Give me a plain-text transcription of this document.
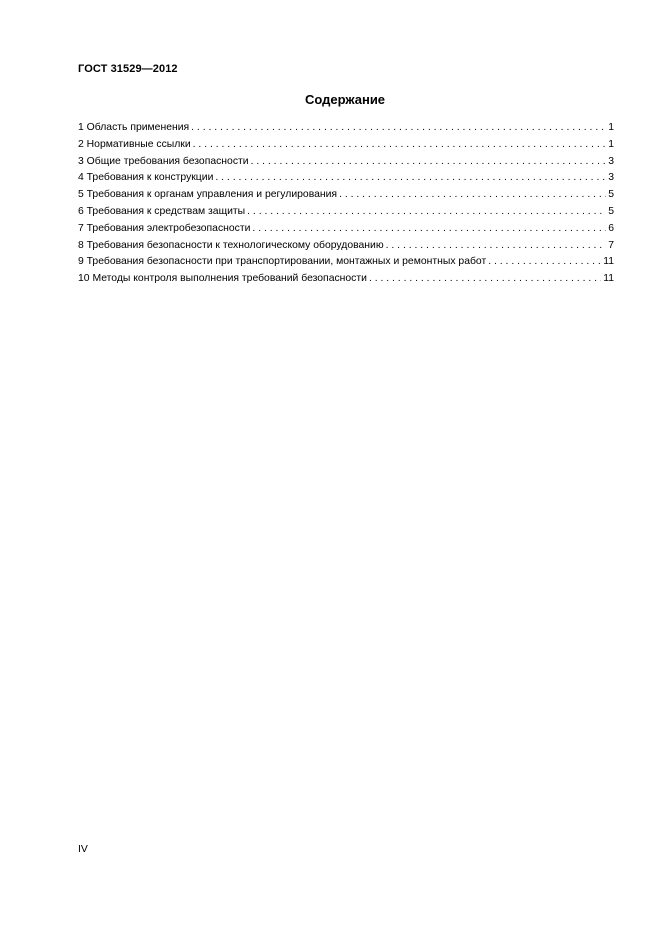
ГОСТ 31529—2012
Содержание
1 Область применения . . .	1
2 Нормативные ссылки . . .	1
3 Общие требования безопасности . . .	3
4 Требования к конструкции . . .	3
5 Требования к органам управления и регулирования . . .	5
6 Требования к средствам защиты . . .	5
7 Требования электробезопасности . . .	6
8 Требования безопасности к технологическому оборудованию . . .	7
9 Требования безопасности при транспортировании, монтажных и ремонтных работ . . .	11
10 Методы контроля выполнения требований безопасности . . .	11
IV
